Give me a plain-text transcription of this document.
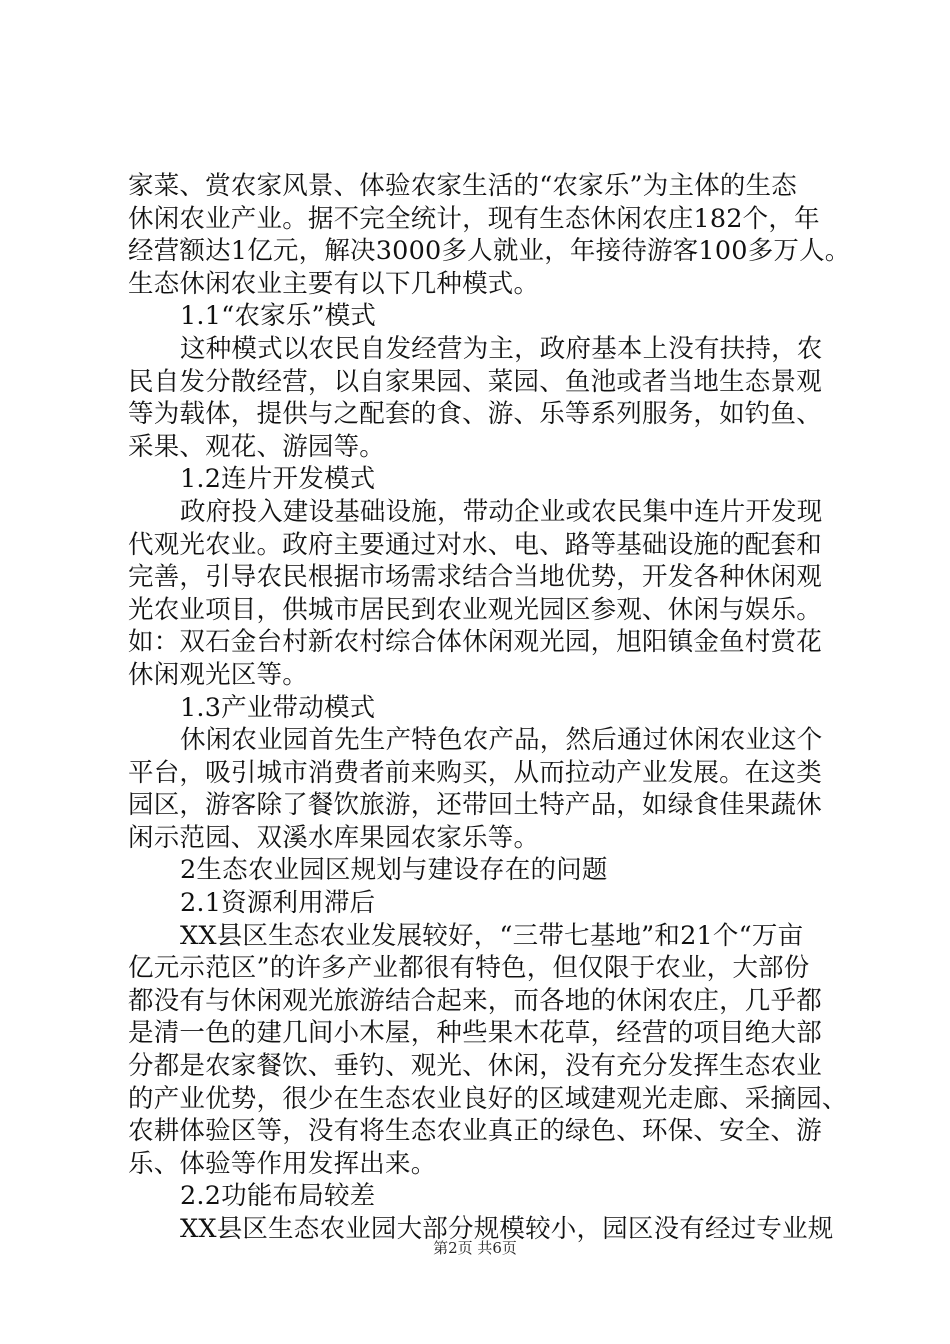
家菜、赏农家风景、体验农家生活的“农家乐”为主体的生态
休闲农业产业。据不完全统计，现有生态休闲农庄182个，年
经营额达1亿元，解决3000多人就业，年接待游客100多万人。
生态休闲农业主要有以下几种模式。
1.1“农家乐”模式
这种模式以农民自发经营为主，政府基本上没有扶持，农
民自发分散经营，以自家果园、菜园、鱼池或者当地生态景观
等为载体，提供与之配套的食、游、乐等系列服务，如钓鱼、
采果、观花、游园等。
1.2连片开发模式
政府投入建设基础设施，带动企业或农民集中连片开发现
代观光农业。政府主要通过对水、电、路等基础设施的配套和
完善，引导农民根据市场需求结合当地优势，开发各种休闲观
光农业项目，供城市居民到农业观光园区参观、休闲与娱乐。
如：双石金台村新农村综合体休闲观光园，旭阳镇金鱼村赏花
休闲观光区等。
1.3产业带动模式
休闲农业园首先生产特色农产品，然后通过休闲农业这个
平台，吸引城市消费者前来购买，从而拉动产业发展。在这类
园区，游客除了餐饮旅游，还带回土特产品，如绿食佳果蔬休
闲示范园、双溪水库果园农家乐等。
2生态农业园区规划与建设存在的问题
2.1资源利用滞后
XX县区生态农业发展较好，“三带七基地”和21个“万亩
亿元示范区”的许多产业都很有特色，但仅限于农业，大部份
都没有与休闲观光旅游结合起来，而各地的休闲农庄，几乎都
是清一色的建几间小木屋，种些果木花草，经营的项目绝大部
分都是农家餐饮、垂钓、观光、休闲，没有充分发挥生态农业
的产业优势，很少在生态农业良好的区域建观光走廊、采摘园、
农耕体验区等，没有将生态农业真正的绿色、环保、安全、游
乐、体验等作用发挥出来。
2.2功能布局较差
XX县区生态农业园大部分规模较小，园区没有经过专业规
第2页 共6页
